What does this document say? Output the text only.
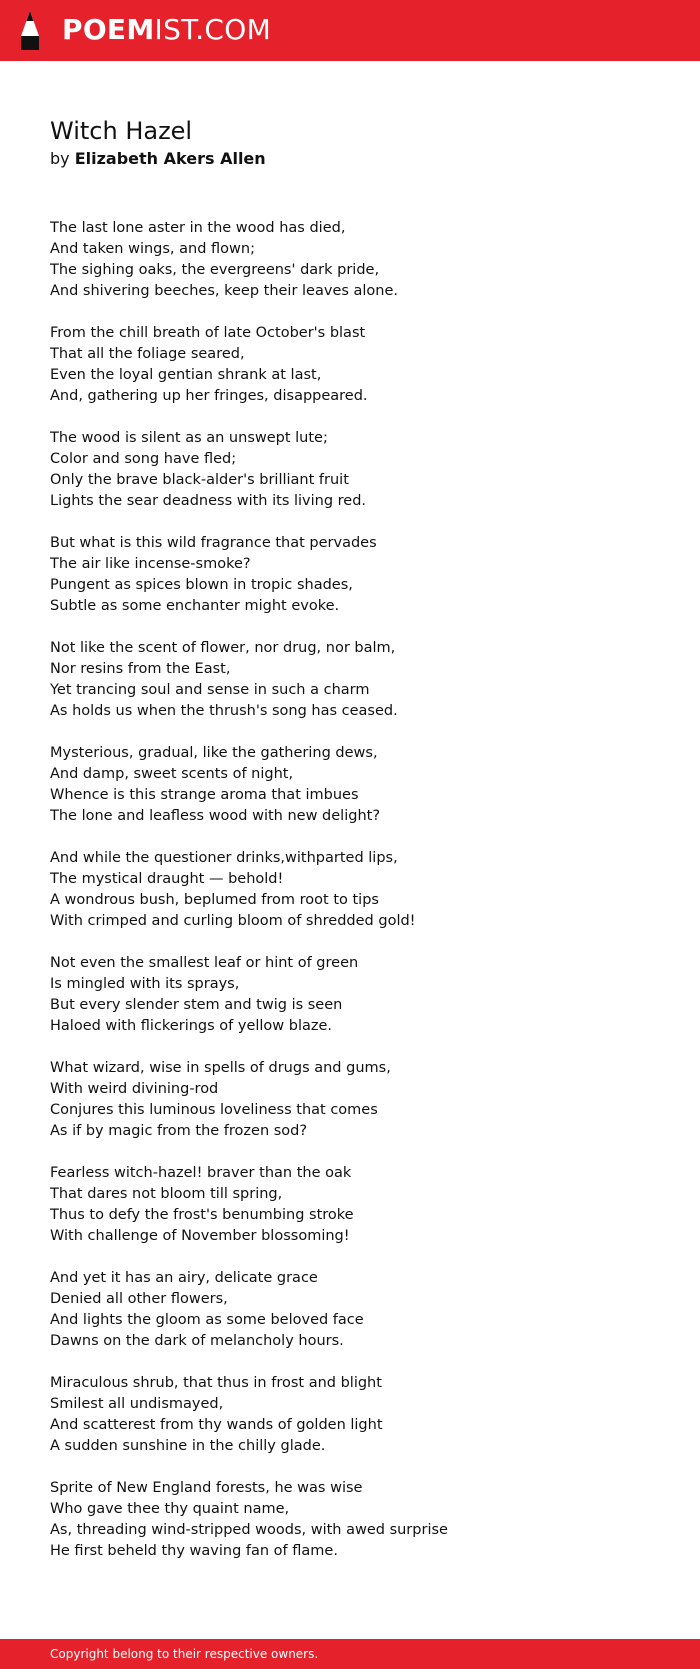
POEMIST.COM
Witch Hazel
by Elizabeth Akers Allen
The last lone aster in the wood has died,
And taken wings, and flown;
The sighing oaks, the evergreens' dark pride,
And shivering beeches, keep their leaves alone.
From the chill breath of late October's blast
That all the foliage seared,
Even the loyal gentian shrank at last,
And, gathering up her fringes, disappeared.
The wood is silent as an unswept lute;
Color and song have fled;
Only the brave black-alder's brilliant fruit
Lights the sear deadness with its living red.
But what is this wild fragrance that pervades
The air like incense-smoke?
Pungent as spices blown in tropic shades,
Subtle as some enchanter might evoke.
Not like the scent of flower, nor drug, nor balm,
Nor resins from the East,
Yet trancing soul and sense in such a charm
As holds us when the thrush's song has ceased.
Mysterious, gradual, like the gathering dews,
And damp, sweet scents of night,
Whence is this strange aroma that imbues
The lone and leafless wood with new delight?
And while the questioner drinks,withparted lips,
The mystical draught — behold!
A wondrous bush, beplumed from root to tips
With crimped and curling bloom of shredded gold!
Not even the smallest leaf or hint of green
Is mingled with its sprays,
But every slender stem and twig is seen
Haloed with flickerings of yellow blaze.
What wizard, wise in spells of drugs and gums,
With weird divining-rod
Conjures this luminous loveliness that comes
As if by magic from the frozen sod?
Fearless witch-hazel! braver than the oak
That dares not bloom till spring,
Thus to defy the frost's benumbing stroke
With challenge of November blossoming!
And yet it has an airy, delicate grace
Denied all other flowers,
And lights the gloom as some beloved face
Dawns on the dark of melancholy hours.
Miraculous shrub, that thus in frost and blight
Smilest all undismayed,
And scatterest from thy wands of golden light
A sudden sunshine in the chilly glade.
Sprite of New England forests, he was wise
Who gave thee thy quaint name,
As, threading wind-stripped woods, with awed surprise
He first beheld thy waving fan of flame.
Copyright belong to their respective owners.
